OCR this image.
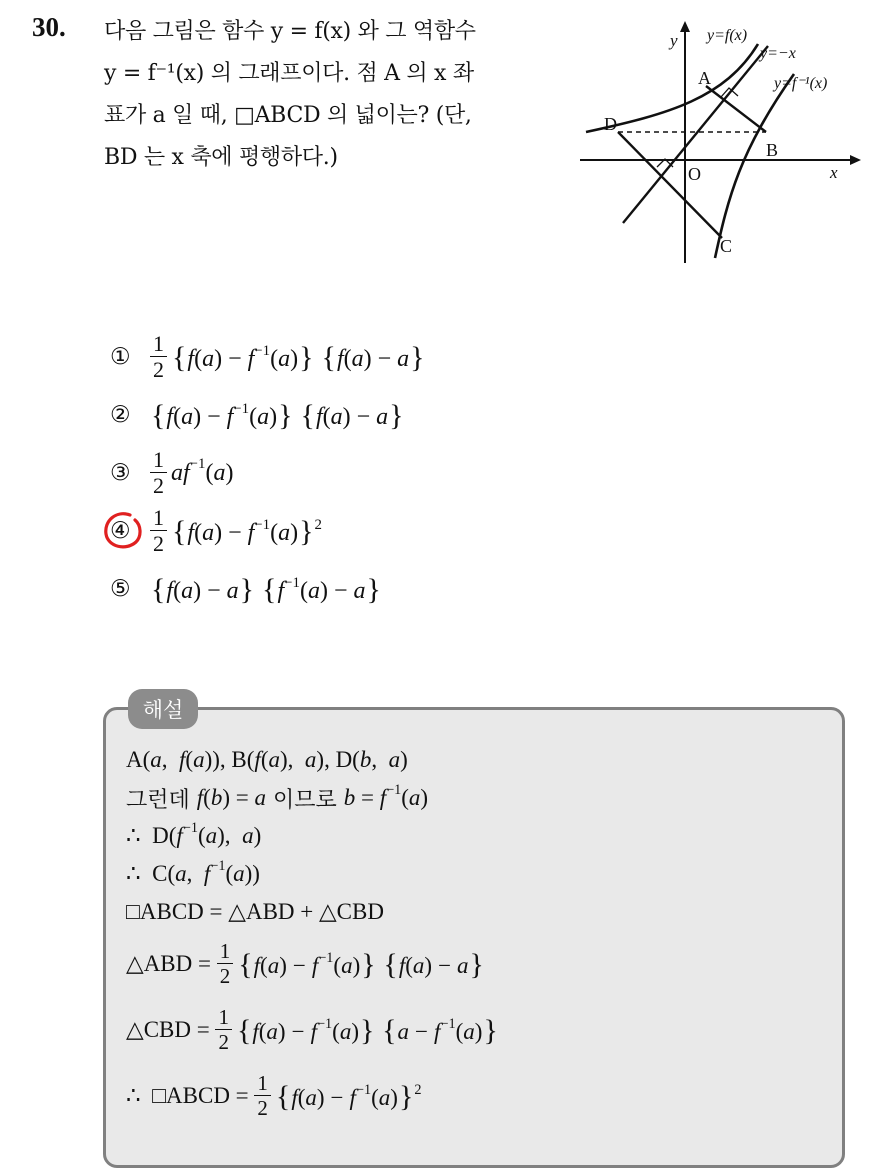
30. 다음 그림은 함수 y = f(x) 와 그 역함수
y = f⁻¹(x) 의 그래프이다. 점 A 의 x 좌
표가 a 일 때, □ABCD 의 넓이는? (단,
BD 는 x 축에 평행하다.)
y
x
y=f(x)
y=−x
y=f⁻¹(x)
A
B
C
D
O
① $\frac{1}{2} \{f(a) - f^{-1}(a)\} \{f(a) - a\}$
② $\{f(a) - f^{-1}(a)\}$ {f(a) − a}
③ $\frac{1}{2} af^{-1}(a)$
④ $\frac{1}{2} \{f(a) - f^{-1}(a)\}^2$
⑤ {f(a) − a} $\{f^{-1}(a) - a\}$
해설
A(a,  f(a)), B(f(a),  a), D(b,  a)
그런데 f(b) = a 이므로 $b = f^{-1}(a)$
∴  $D(f^{-1}(a)$,  a)
∴  C(a,  $f^{-1}(a)$)
□ABCD = △ABD + △CBD
△ABD = $\frac{1}{2} \{f(a) - f^{-1}(a)\} \{f(a) - a\}$
△CBD = $\frac{1}{2} \{f(a) - f^{-1}(a)\} \{a - f^{-1}(a)\}$
∴  □ABCD = $\frac{1}{2} \{f(a) - f^{-1}(a)\}^2$
